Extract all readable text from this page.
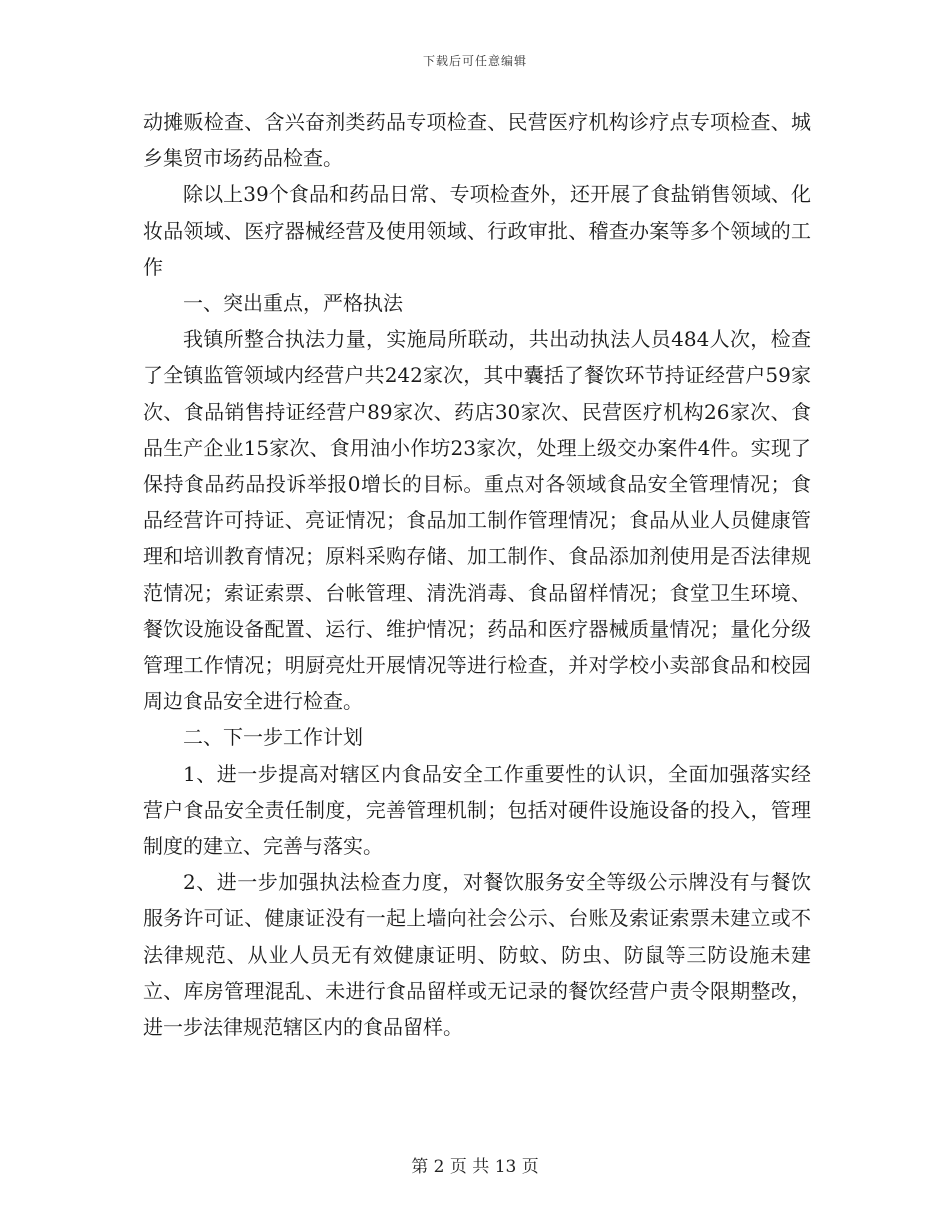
下载后可任意编辑

动摊贩检查、含兴奋剂类药品专项检查、民营医疗机构诊疗点专项检查、城乡集贸市场药品检查。

除以上39个食品和药品日常、专项检查外，还开展了食盐销售领域、化妆品领域、医疗器械经营及使用领域、行政审批、稽查办案等多个领域的工作

一、突出重点，严格执法

我镇所整合执法力量，实施局所联动，共出动执法人员484人次，检查了全镇监管领域内经营户共242家次，其中囊括了餐饮环节持证经营户59家次、食品销售持证经营户89家次、药店30家次、民营医疗机构26家次、食品生产企业15家次、食用油小作坊23家次，处理上级交办案件4件。实现了保持食品药品投诉举报0增长的目标。重点对各领域食品安全管理情况；食品经营许可持证、亮证情况；食品加工制作管理情况；食品从业人员健康管理和培训教育情况；原料采购存储、加工制作、食品添加剂使用是否法律规范情况；索证索票、台帐管理、清洗消毒、食品留样情况；食堂卫生环境、餐饮设施设备配置、运行、维护情况；药品和医疗器械质量情况；量化分级管理工作情况；明厨亮灶开展情况等进行检查，并对学校小卖部食品和校园周边食品安全进行检查。

二、下一步工作计划

1、进一步提高对辖区内食品安全工作重要性的认识，全面加强落实经营户食品安全责任制度，完善管理机制；包括对硬件设施设备的投入，管理制度的建立、完善与落实。

2、进一步加强执法检查力度，对餐饮服务安全等级公示牌没有与餐饮服务许可证、健康证没有一起上墙向社会公示、台账及索证索票未建立或不法律规范、从业人员无有效健康证明、防蚊、防虫、防鼠等三防设施未建立、库房管理混乱、未进行食品留样或无记录的餐饮经营户责令限期整改，进一步法律规范辖区内的食品留样。

第 2 页 共 13 页
